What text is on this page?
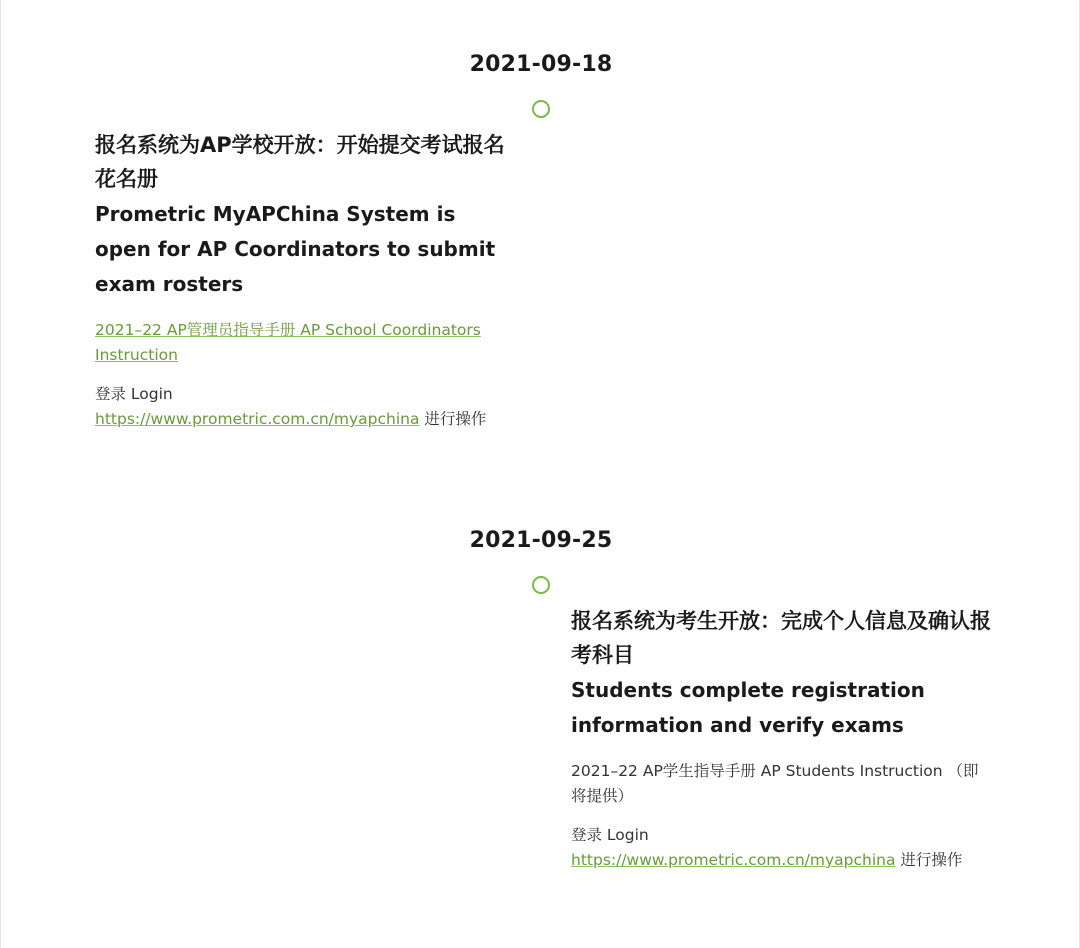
2021-09-18
报名系统为AP学校开放：开始提交考试报名花名册
Prometric MyAPChina System is open for AP Coordinators to submit exam rosters
2021–22 AP管理员指导手册 AP School Coordinators Instruction
登录 Login
https://www.prometric.com.cn/myapchina 进行操作
2021-09-25
报名系统为考生开放：完成个人信息及确认报考科目
Students complete registration information and verify exams
2021–22 AP学生指导手册 AP Students Instruction （即将提供）
登录 Login
https://www.prometric.com.cn/myapchina 进行操作
